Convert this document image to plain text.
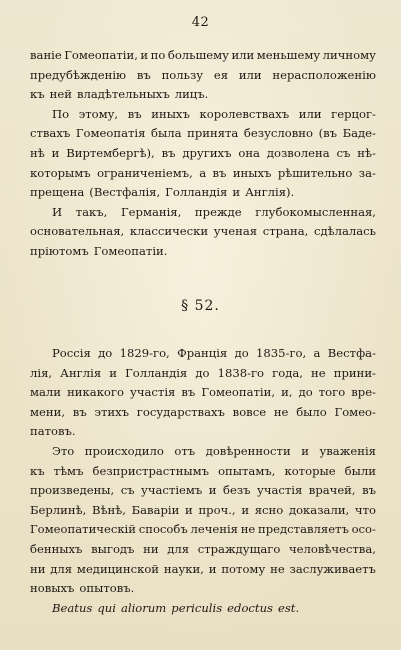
42
ванiе Гомеопатiи, и по большему или меньшему личному
предубѣжденiю въ пользу ея или нерасположенiю
къ ней владѣтельныхъ лицъ.
По этому, въ иныхъ королевствахъ или герцог-
ствахъ Гомеопатiя была принята безусловно (въ Баде-
нѣ и Виртембергѣ), въ другихъ она дозволена съ нѣ-
которымъ ограниченiемъ, а въ иныхъ рѣшительно за-
прещена (Вестфалiя, Голландiя и Англiя).
И такъ, Германiя, прежде глубокомысленная,
основательная, классически ученая страна, сдѣлалась
прiютомъ Гомеопатiи.
§ 52.
Россiя до 1829-го, Францiя до 1835-го, а Вестфа-
лiя, Англiя и Голландiя до 1838-го года, не прини-
мали никакого участiя въ Гомеопатiи, и, до того вре-
мени, въ этихъ государствахъ вовсе не было Гомео-
патовъ.
Это происходило отъ довѣренности и уваженiя
къ тѣмъ безпристрастнымъ опытамъ, которые были
произведены, съ участiемъ и безъ участiя врачей, въ
Берлинѣ, Вѣнѣ, Баварiи и проч., и ясно доказали, что
Гомеопатическiй способъ леченiя не представляетъ осо-
бенныхъ выгодъ ни для страждущаго человѣчества,
ни для медицинской науки, и потому не заслуживаетъ
новыхъ опытовъ.
Beatus qui aliorum periculis edoctus est.
